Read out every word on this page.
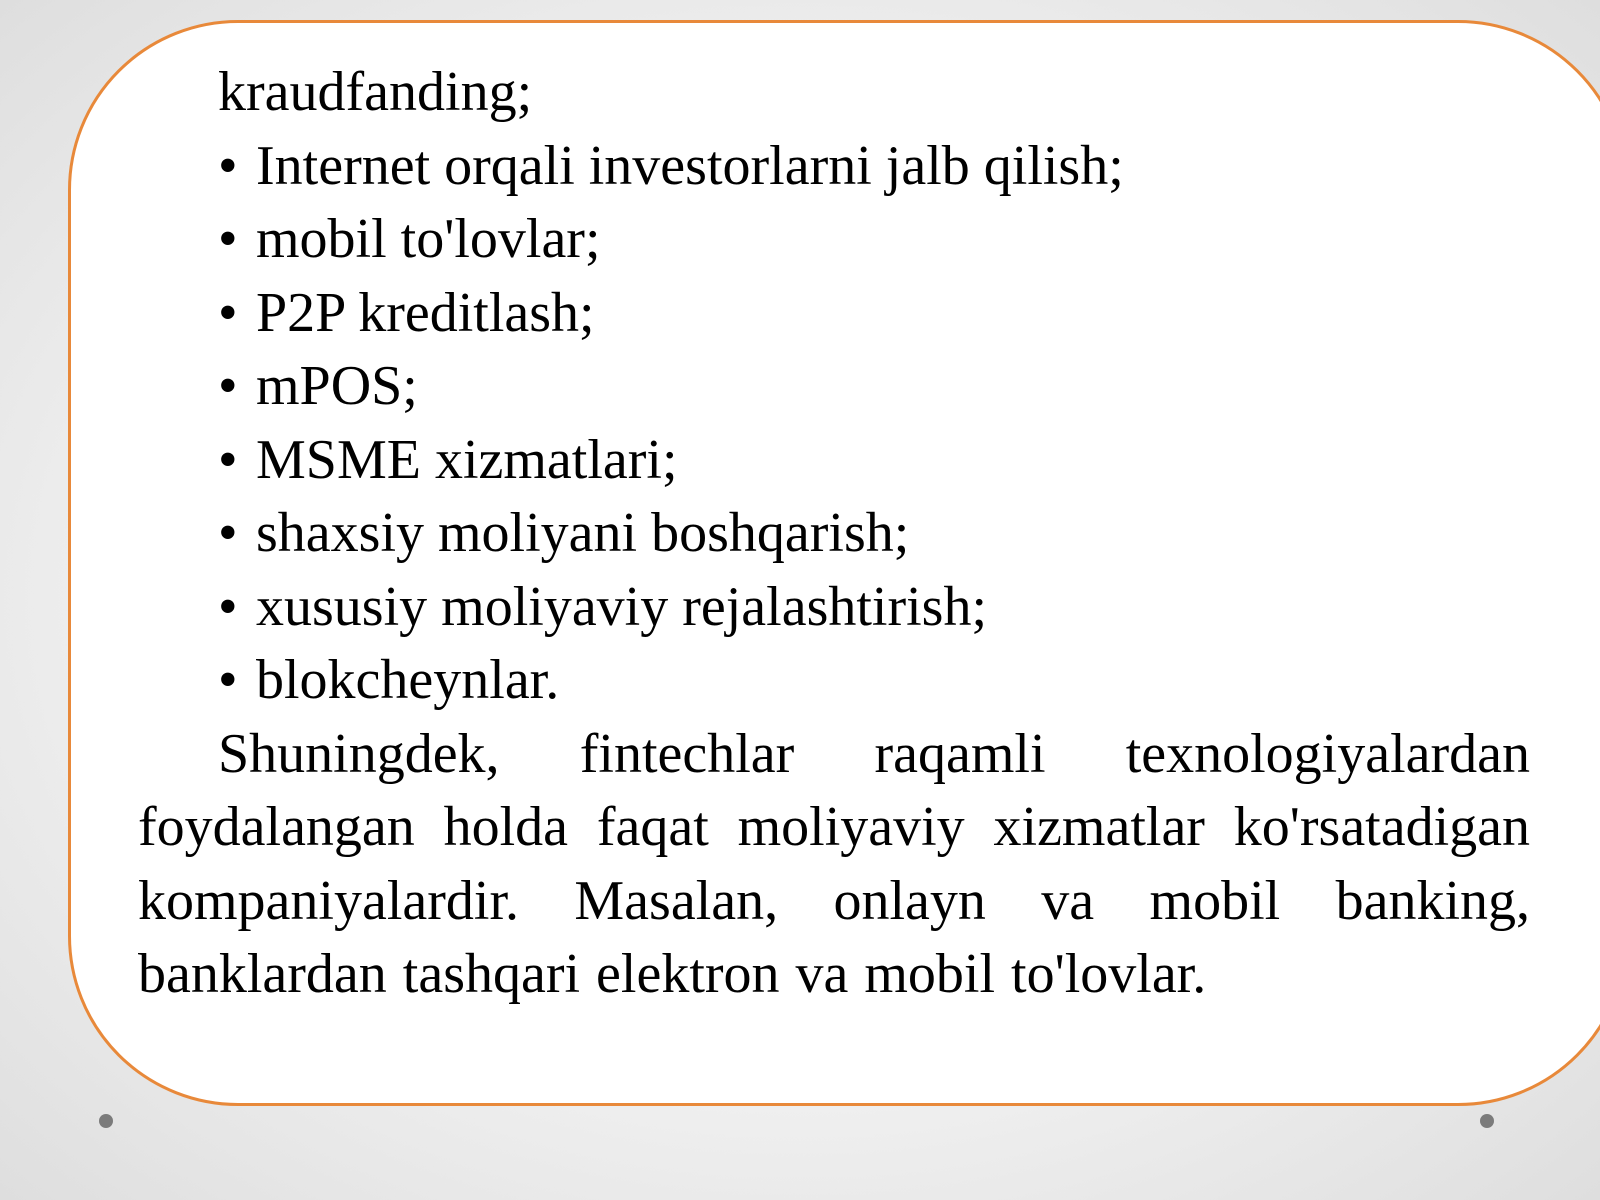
kraudfanding;

• Internet orqali investorlarni jalb qilish;

• mobil to'lovlar;

• P2P kreditlash;

• mPOS;

• MSME xizmatlari;

• shaxsiy moliyani boshqarish;

• xususiy moliyaviy rejalashtirish;

• blokcheynlar.

Shuningdek, fintechlar raqamli texnologiyalardan foydalangan holda faqat moliyaviy xizmatlar ko'rsatadigan kompaniyalardir. Masalan, onlayn va mobil banking, banklardan tashqari elektron va mobil to'lovlar.
